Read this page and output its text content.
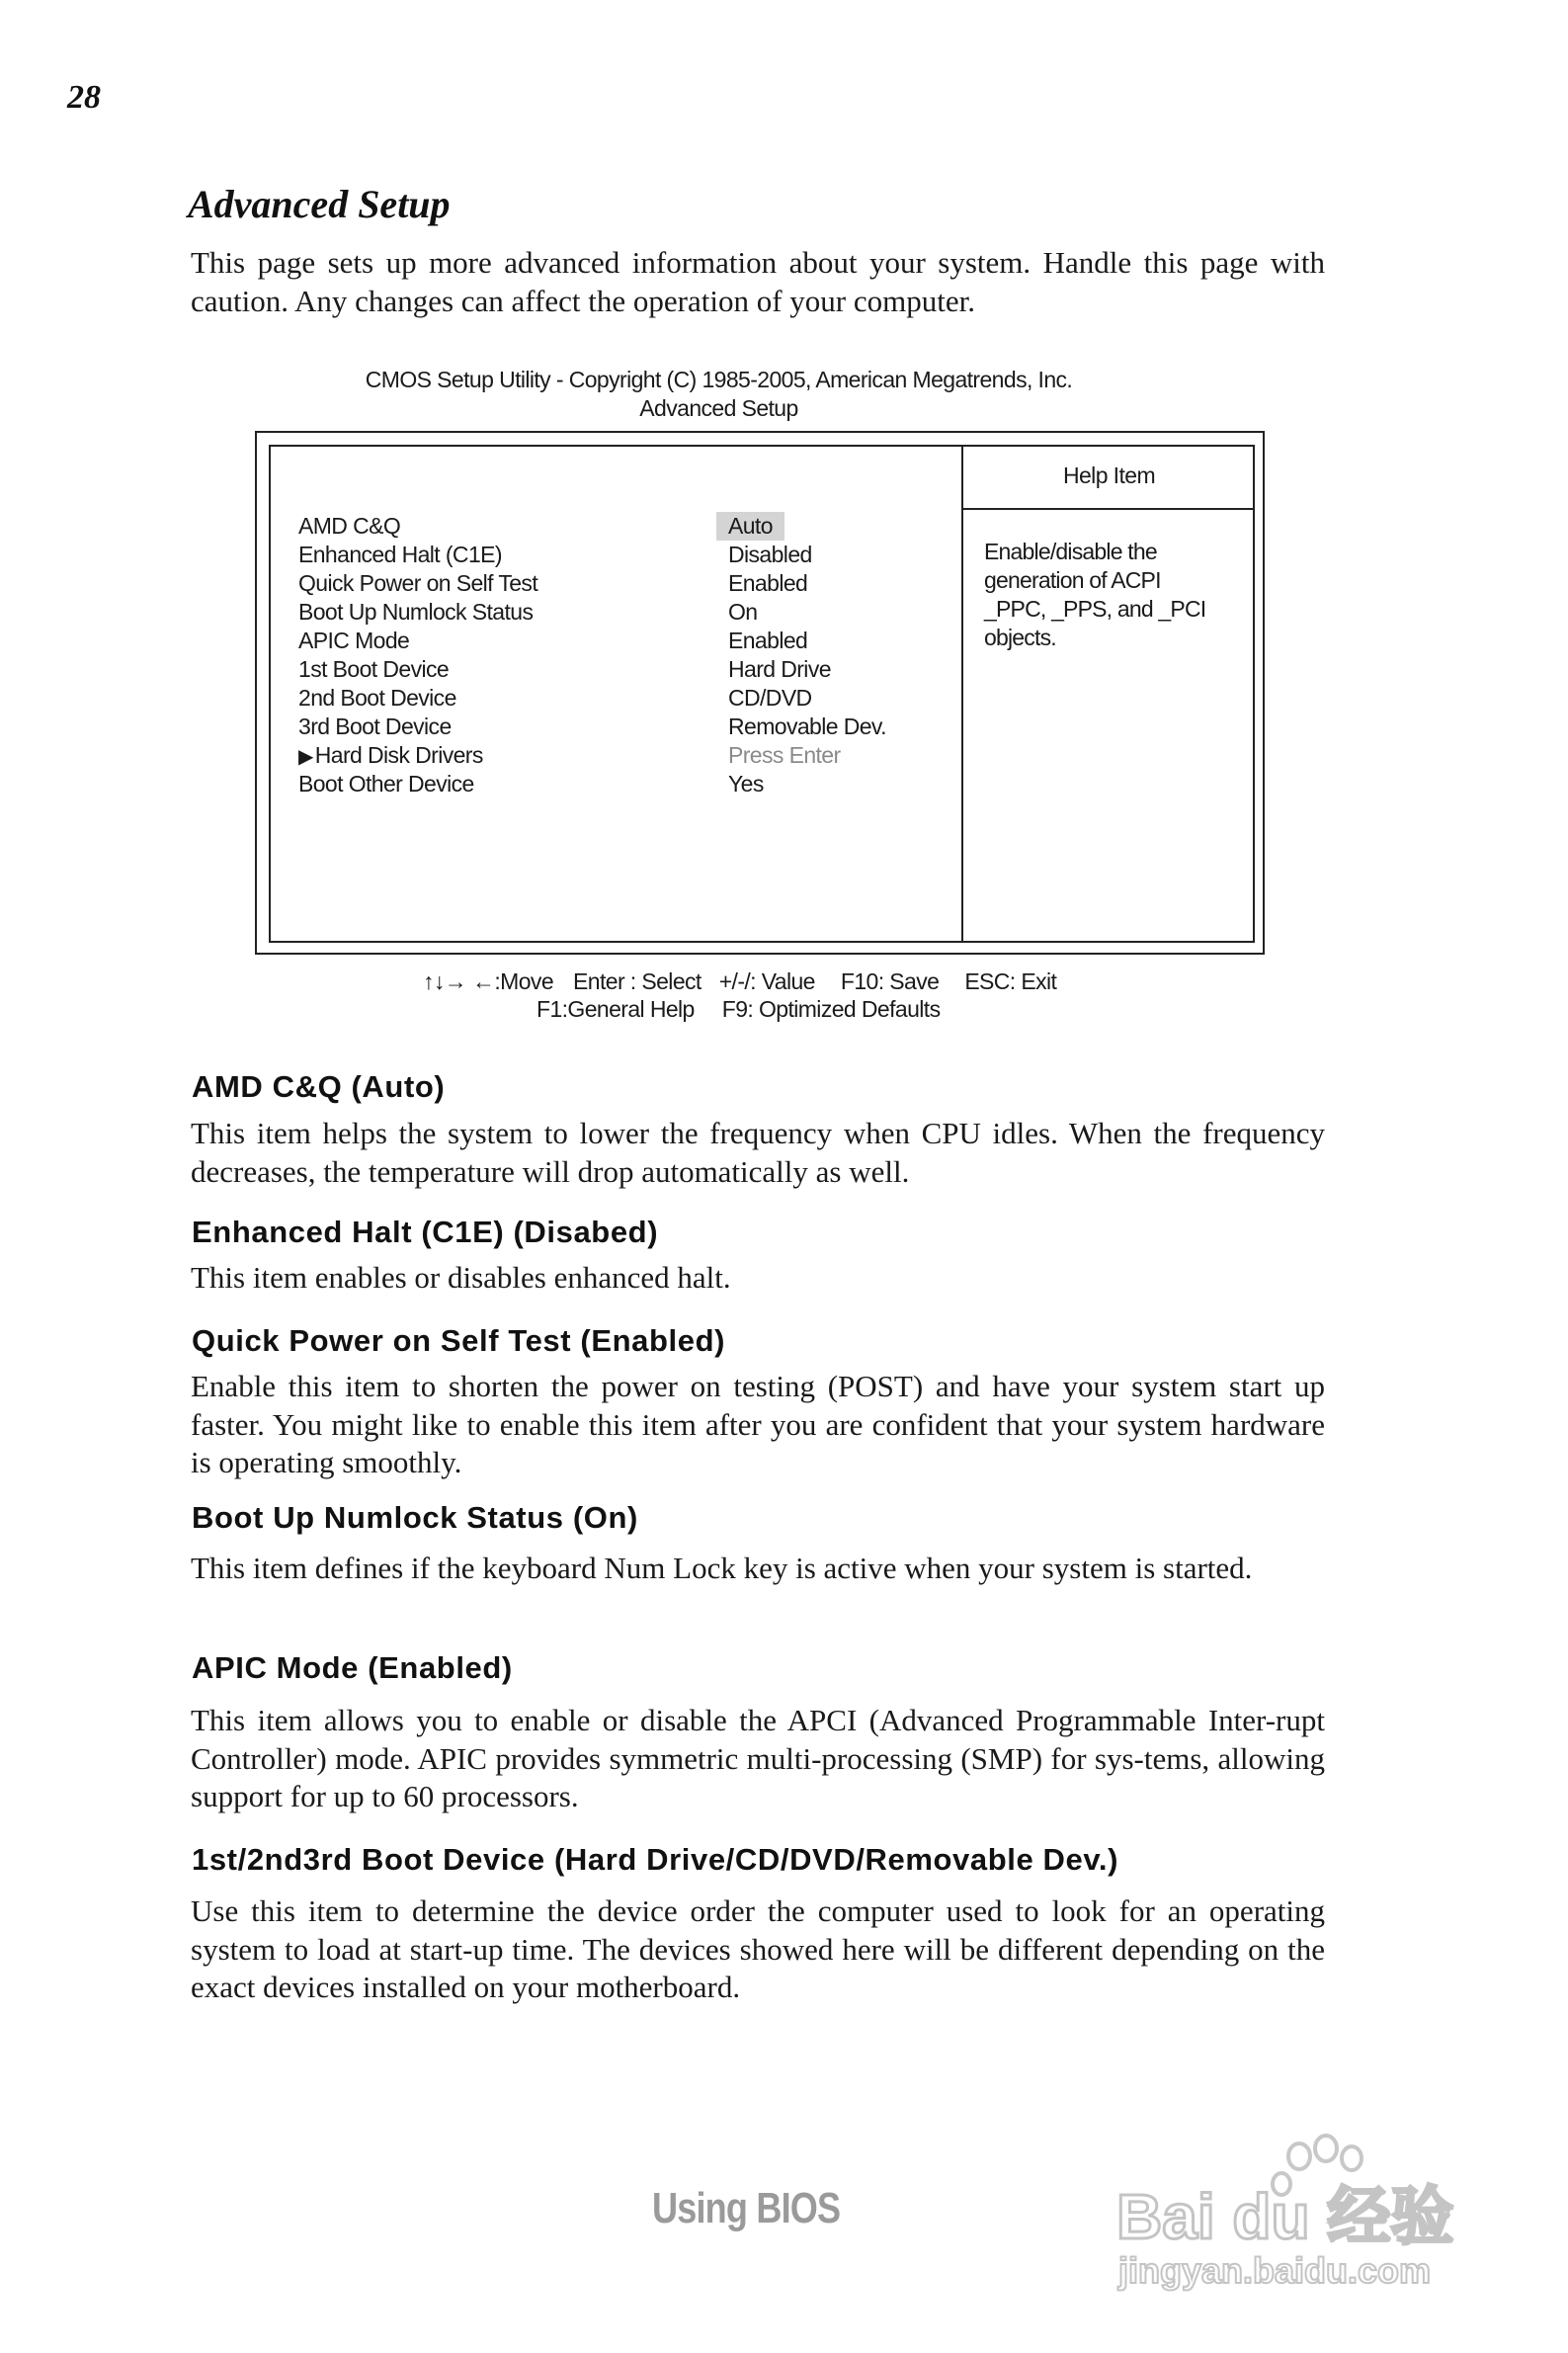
28
Advanced Setup

This page sets up more advanced information about your system. Handle this page with caution. Any changes can affect the operation of your computer.

CMOS Setup Utility - Copyright (C) 1985-2005, American Megatrends, Inc.
Advanced Setup
Help Item
Enable/disable the
generation of ACPI
_PPC, _PPS, and _PCI
objects.
AMD C&Q	Auto
Enhanced Halt (C1E)	Disabled
Quick Power on Self Test	Enabled
Boot Up Numlock Status	On
APIC Mode	Enabled
1st Boot Device	Hard Drive
2nd Boot Device	CD/DVD
3rd Boot Device	Removable Dev.
▶Hard Disk Drivers	Press Enter
Boot Other Device	Yes
↑↓→ ←:Move Enter : Select +/-/: Value F10: Save ESC: Exit
F1:General Help F9: Optimized Defaults
AMD C&Q (Auto)

This item helps the system to lower the frequency when CPU idles. When the frequency decreases, the temperature will drop automatically as well.

Enhanced Halt (C1E) (Disabed)

This item enables or disables enhanced halt.

Quick Power on Self Test (Enabled)

Enable this item to shorten the power on testing (POST) and have your system start up faster. You might like to enable this item after you are confident that your system hardware is operating smoothly.

Boot Up Numlock Status (On)

This item defines if the keyboard Num Lock key is active when your system is started.

APIC Mode (Enabled)

This item allows you to enable or disable the APCI (Advanced Programmable Inter-rupt Controller) mode. APIC provides symmetric multi-processing (SMP) for sys-tems, allowing support for up to 60 processors.

1st/2nd3rd Boot Device (Hard Drive/CD/DVD/Removable Dev.)

Use this item to determine the device order the computer used to look for an operating system to load at start-up time. The devices showed here will be different depending on the exact devices installed on your motherboard.

Using BIOS	Bai du 经验
jingyan.baidu.com
